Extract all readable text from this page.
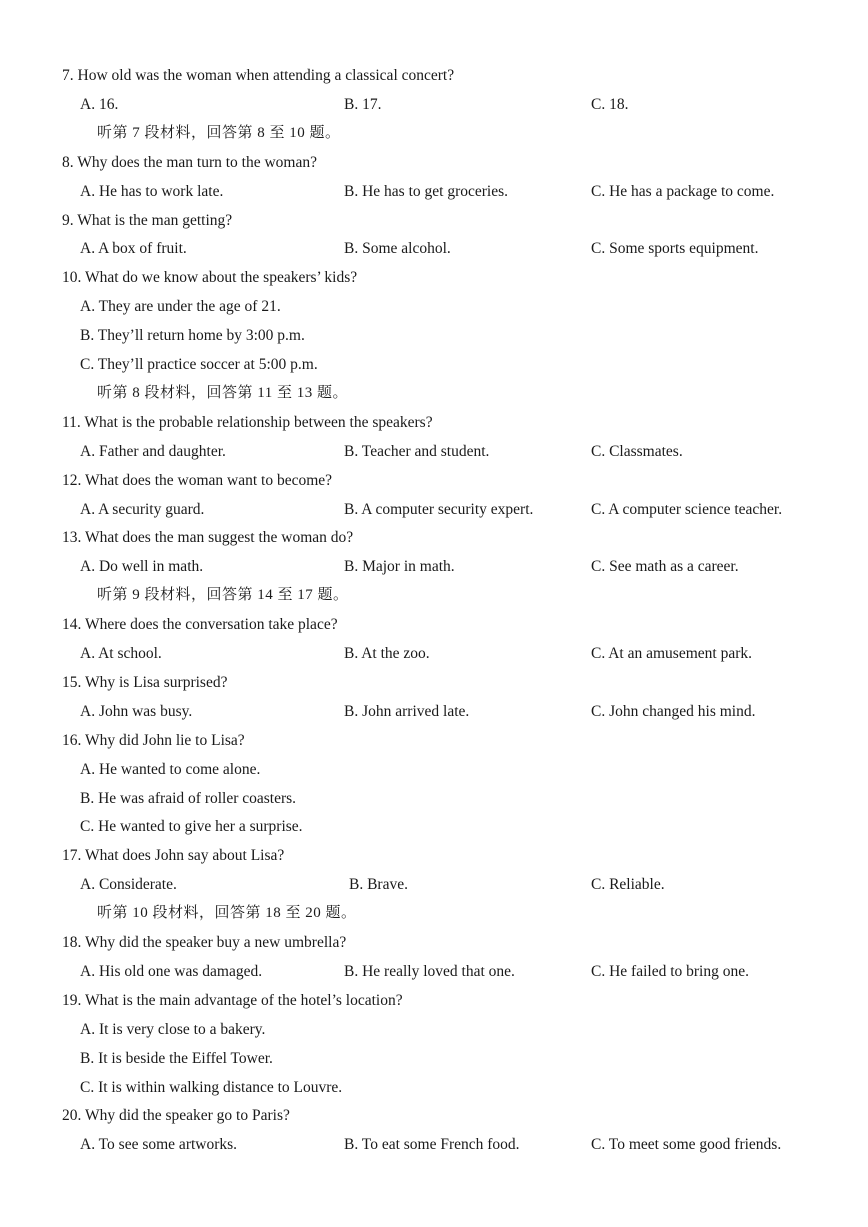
7. How old was the woman when attending a classical concert?
A. 16.	B. 17.	C. 18.
听第 7 段材料，回答第 8 至 10 题。
8. Why does the man turn to the woman?
A. He has to work late.	B. He has to get groceries.	C. He has a package to come.
9. What is the man getting?
A. A box of fruit.	B. Some alcohol.	C. Some sports equipment.
10. What do we know about the speakers’ kids?
A. They are under the age of 21.
B. They’ll return home by 3:00 p.m.
C. They’ll practice soccer at 5:00 p.m.
听第 8 段材料，回答第 11 至 13 题。
11. What is the probable relationship between the speakers?
A. Father and daughter.	B. Teacher and student.	C. Classmates.
12. What does the woman want to become?
A. A security guard.	B. A computer security expert.	C. A computer science teacher.
13. What does the man suggest the woman do?
A. Do well in math.	B. Major in math.	C. See math as a career.
听第 9 段材料，回答第 14 至 17 题。
14. Where does the conversation take place?
A. At school.	B. At the zoo.	C. At an amusement park.
15. Why is Lisa surprised?
A. John was busy.	B. John arrived late.	C. John changed his mind.
16. Why did John lie to Lisa?
A. He wanted to come alone.
B. He was afraid of roller coasters.
C. He wanted to give her a surprise.
17. What does John say about Lisa?
A. Considerate.	B. Brave.	C. Reliable.
听第 10 段材料，回答第 18 至 20 题。
18. Why did the speaker buy a new umbrella?
A. His old one was damaged.	B. He really loved that one.	C. He failed to bring one.
19. What is the main advantage of the hotel’s location?
A. It is very close to a bakery.
B. It is beside the Eiffel Tower.
C. It is within walking distance to Louvre.
20. Why did the speaker go to Paris?
A. To see some artworks.	B. To eat some French food.	C. To meet some good friends.
